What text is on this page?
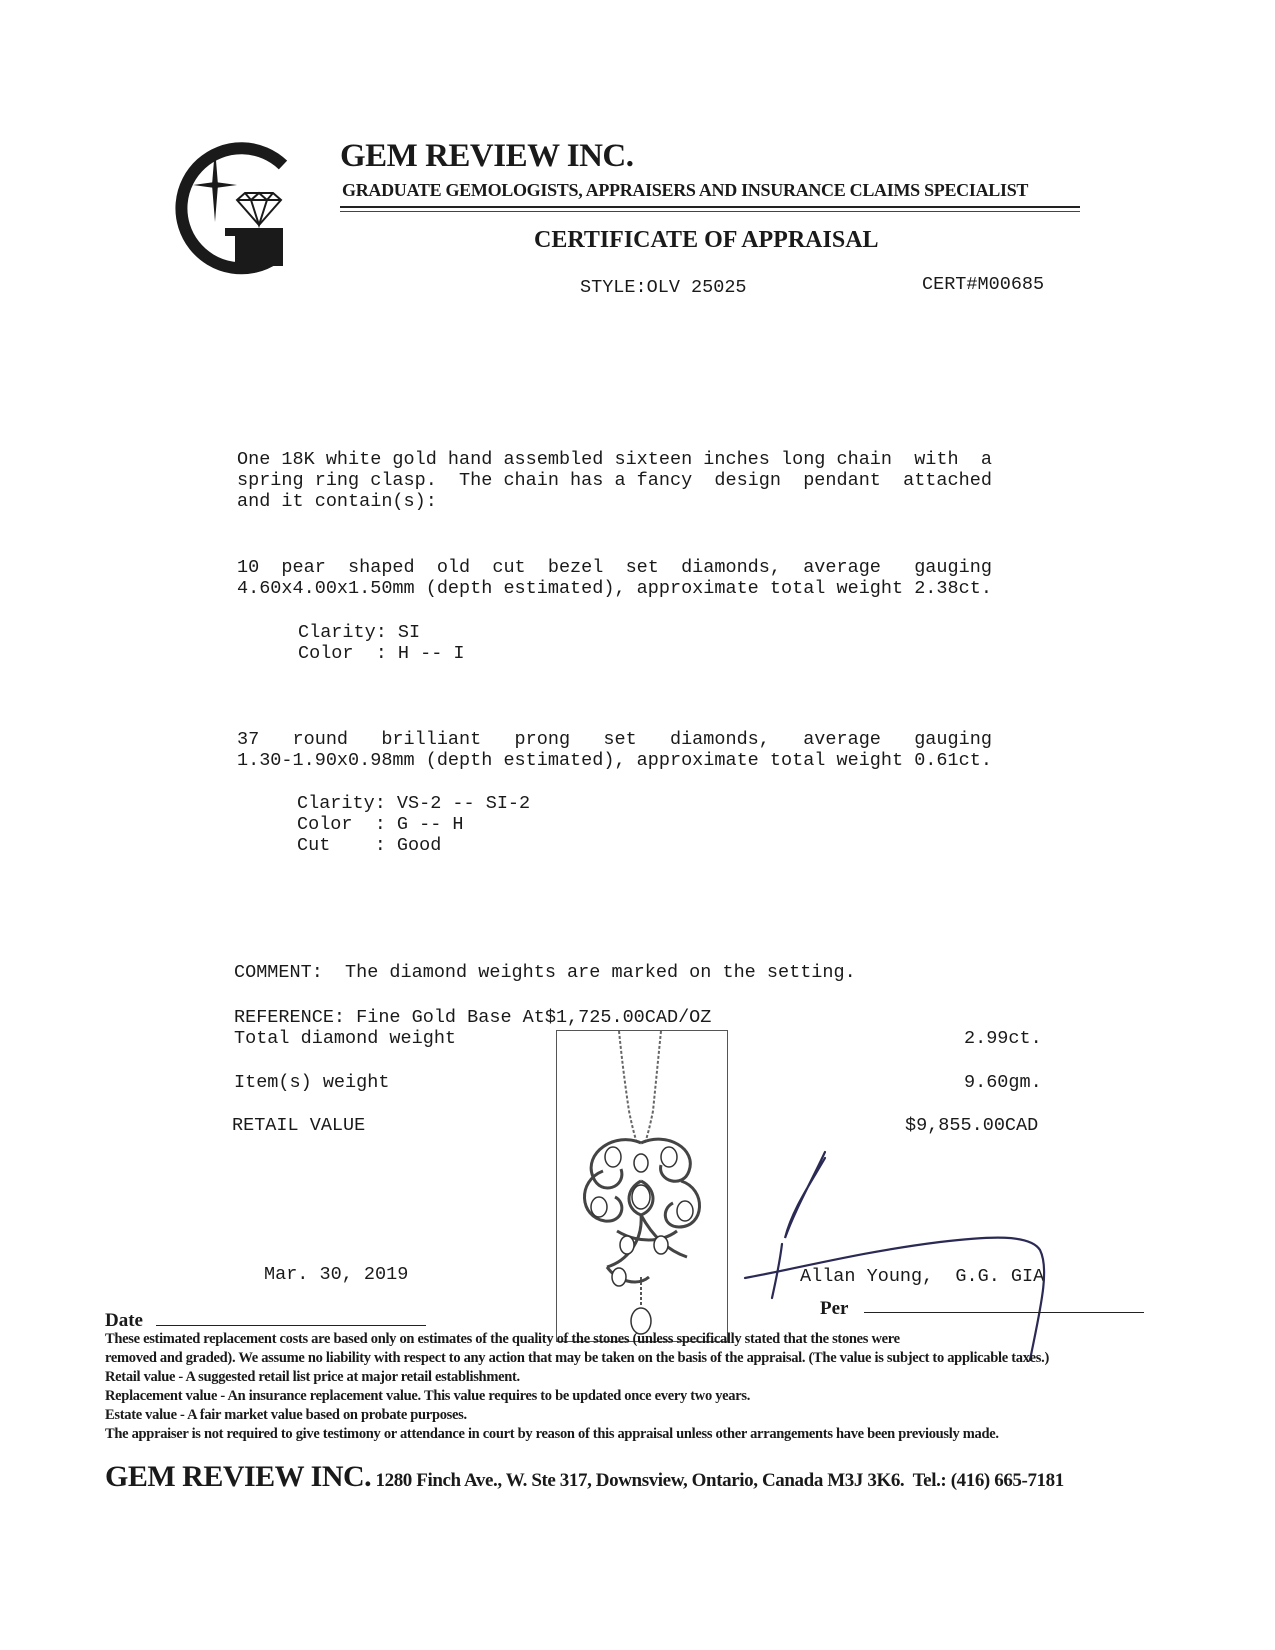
GEM REVIEW INC.
GRADUATE GEMOLOGISTS, APPRAISERS AND INSURANCE CLAIMS SPECIALIST
CERTIFICATE OF APPRAISAL
STYLE:OLV 25025	CERT#M00685
One 18K white gold hand assembled sixteen inches long chain  with  a
spring ring clasp.  The chain has a fancy  design  pendant  attached
and it contain(s):
10  pear  shaped  old  cut  bezel  set  diamonds,  average   gauging
4.60x4.00x1.50mm (depth estimated), approximate total weight 2.38ct.
Clarity: SI
Color  : H -- I
37   round   brilliant   prong   set   diamonds,   average   gauging
1.30-1.90x0.98mm (depth estimated), approximate total weight 0.61ct.
Clarity: VS-2 -- SI-2
Color  : G -- H
Cut    : Good
COMMENT:  The diamond weights are marked on the setting.
REFERENCE: Fine Gold Base At$1,725.00CAD/OZ
Total diamond weight	2.99ct.
Item(s) weight	9.60gm.
RETAIL VALUE	$9,855.00CAD
Mar. 30, 2019	Allan Young,  G.G. GIA
Date
Per
These estimated replacement costs are based only on estimates of the quality of the stones (unless specifically stated that the stones were
removed and graded). We assume no liability with respect to any action that may be taken on the basis of the appraisal. (The value is subject to applicable taxes.)
Retail value - A suggested retail list price at major retail establishment.
Replacement value - An insurance replacement value. This value requires to be updated once every two years.
Estate value - A fair market value based on probate purposes.
The appraiser is not required to give testimony or attendance in court by reason of this appraisal unless other arrangements have been previously made.
GEM REVIEW INC. 1280 Finch Ave., W. Ste 317, Downsview, Ontario, Canada M3J 3K6.  Tel.: (416) 665-7181
